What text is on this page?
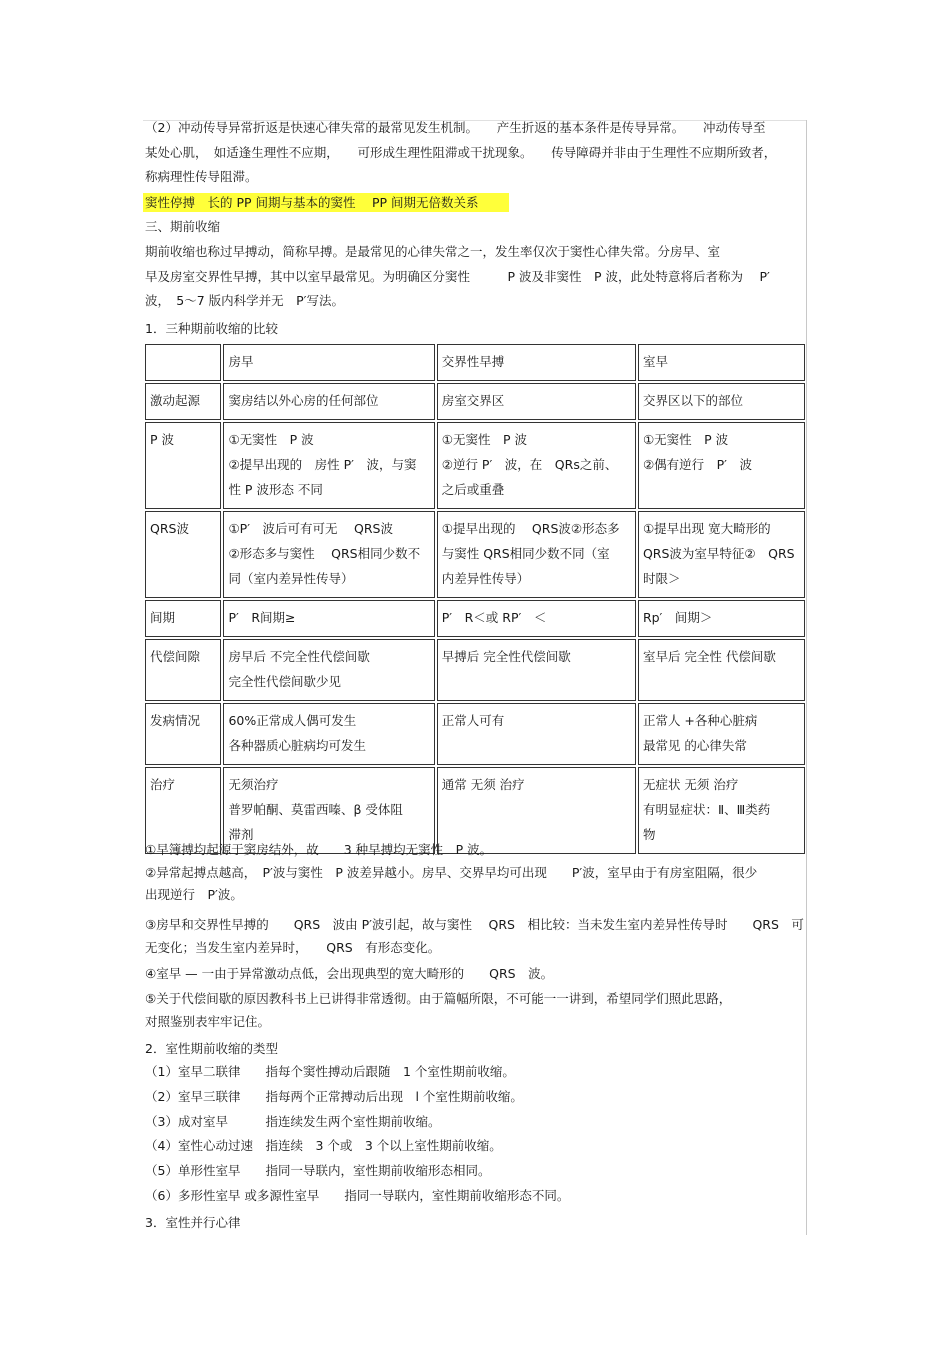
（2）冲动传导异常折返是快速心律失常的最常见发生机制。　　产生折返的基本条件是传导异常。　　冲动传导至
某处心肌，　如适逢生理性不应期，　　可形成生理性阻滞或干扰现象。　　传导障碍并非由于生理性不应期所致者，
称病理性传导阻滞。
窦性停搏　长的 PP 间期与基本的窦性　 PP 间期无倍数关系
三、期前收缩
期前收缩也称过早搏动，简称早搏。是最常见的心律失常之一，发生率仅次于窦性心律失常。分房早、室
早及房室交界性早搏，其中以室早最常见。为明确区分窦性　　　P 波及非窦性　P 波，此处特意将后者称为　 P′
波，　5～7 版内科学并无　P′写法。
1．三种期前收缩的比较
	房早	交界性早搏	室早
激动起源	窦房结以外心房的任何部位	房室交界区	交界区以下的部位

P 波	①无窦性　P 波
②提早出现的　房性 P′　波，与窦
性 P 波形态 不同	①无窦性　P 波
②逆行 P′　波，在　QRs之前、
之后或重叠	①无窦性　P 波
②偶有逆行　P′　波

QRS波	①P′　波后可有可无　 QRS波
②形态多与窦性　 QRS相同少数不
同（室内差异性传导）	①提早出现的　 QRS波②形态多
与窦性 QRS相同少数不同（室
内差异性传导）	①提早出现 宽大畸形的
QRS波为室早特征②　QRS
时限＞

间期	P′　R间期≥	P′　R＜或 RP′　＜	Rp′　间期＞

代偿间隙	房早后 不完全性代偿间歇
完全性代偿间歇少见	早搏后 完全性代偿间歇	室早后 完全性 代偿间歇

发病情况	60%正常成人偶可发生
各种器质心脏病均可发生	正常人可有	正常人 +各种心脏病
最常见 的心律失常

治疗	无须治疗
普罗帕酮、莫雷西嗪、β 受体阻
滞剂	通常 无须 治疗	无症状 无须 治疗
有明显症状：Ⅱ、Ⅲ类药
物
①早簿搏均起源于窦房结外，故　　3 种早搏均无窦性　P 波。
②异常起搏点越高，　P′波与窦性　P 波差异越小。房早、交界早均可出现　　P′波，室早由于有房室阻隔，很少
出现逆行　P′波。
③房早和交界性早搏的　　QRS　波由 P′波引起，故与窦性　 QRS　相比较：当未发生室内差异性传导时　　QRS　可
无变化；当发生室内差异时，　　QRS　有形态变化。
④室早 — 一由于异常激动点低，会出现典型的宽大畸形的　　QRS　波。
⑤关于代偿间歇的原因教科书上已讲得非常透彻。由于篇幅所限，不可能一一讲到，希望同学们照此思路，
对照鉴别表牢牢记住。
2．室性期前收缩的类型
（1）室早二联律　　指每个窦性搏动后跟随　1 个室性期前收缩。
（2）室早三联律　　指每两个正常搏动后出现　l 个室性期前收缩。
（3）成对室早　　　指连续发生两个室性期前收缩。
（4）室性心动过速　指连续　3 个或　3 个以上室性期前收缩。
（5）单形性室早　　指同一导联内，室性期前收缩形态相同。
（6）多形性室早 或多源性室早　　指同一导联内，室性期前收缩形态不同。
3．室性并行心律
